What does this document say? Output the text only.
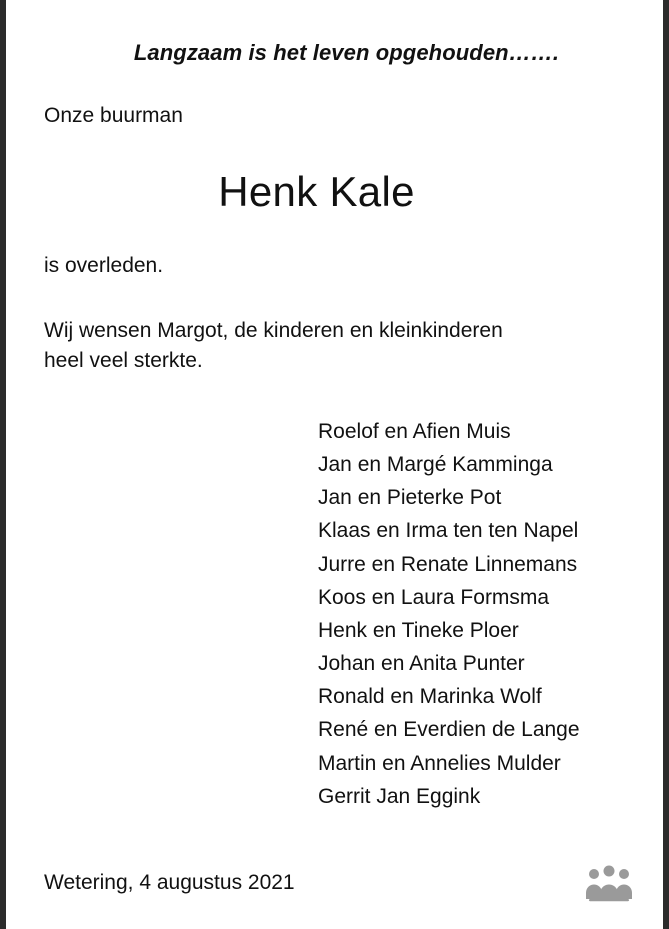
Langzaam is het leven opgehouden…….
Onze buurman
Henk Kale
is overleden.
Wij wensen Margot, de kinderen en kleinkinderen
heel veel sterkte.
Roelof en Afien Muis
Jan en Margé Kamminga
Jan en Pieterke Pot
Klaas en Irma ten ten Napel
Jurre en Renate Linnemans
Koos en Laura Formsma
Henk en Tineke Ploer
Johan en Anita Punter
Ronald en Marinka Wolf
René en Everdien de Lange
Martin en Annelies Mulder
Gerrit Jan Eggink
Wetering, 4 augustus 2021
